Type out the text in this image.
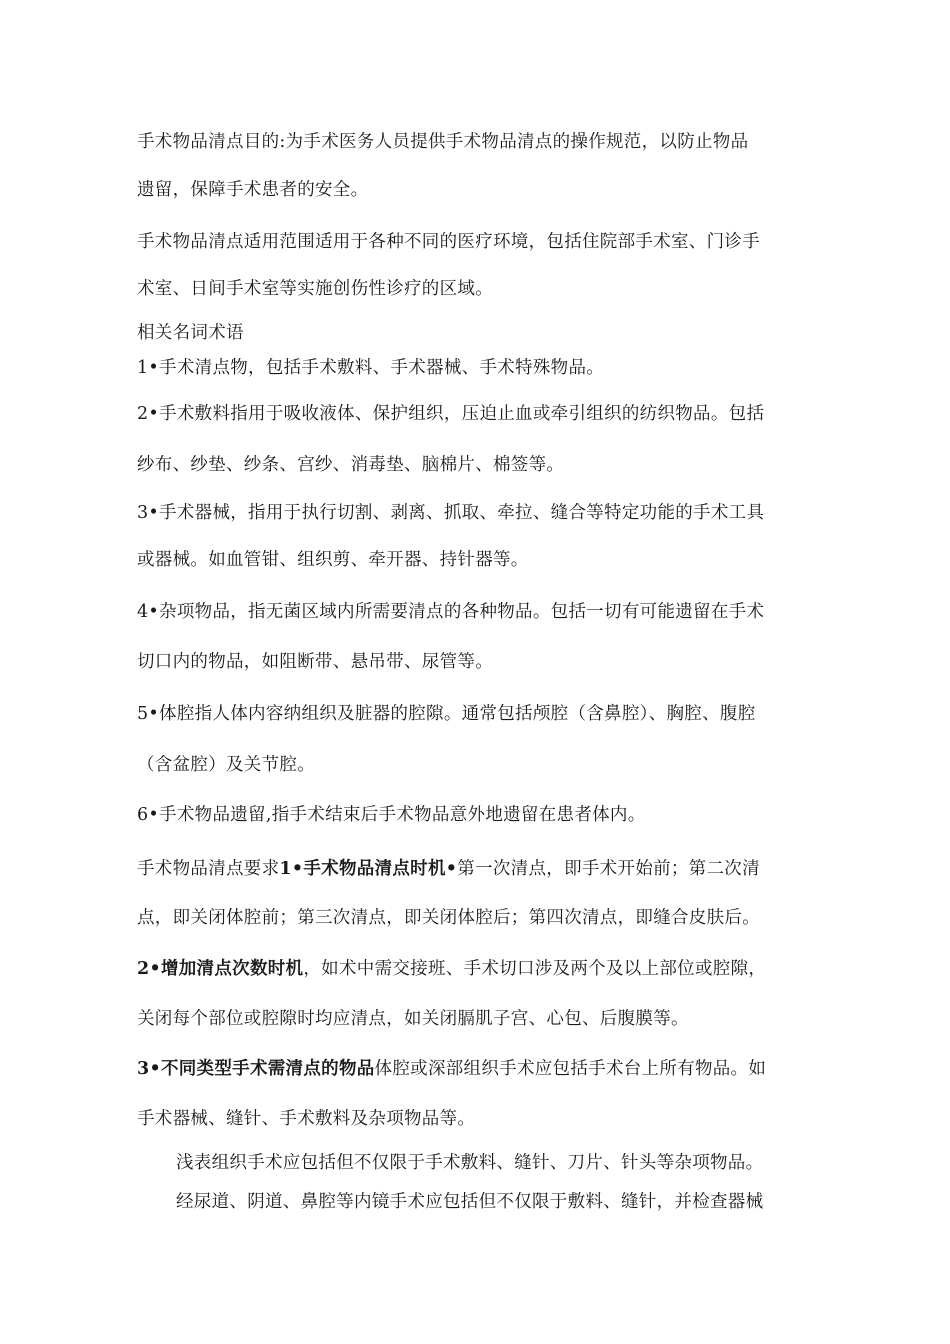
手术物品清点目的:为手术医务人员提供手术物品清点的操作规范，以防止物品

遗留，保障手术患者的安全。

手术物品清点适用范围适用于各种不同的医疗环境，包括住院部手术室、门诊手

术室、日间手术室等实施创伤性诊疗的区域。

相关名词术语

1•手术清点物，包括手术敷料、手术器械、手术特殊物品。

2•手术敷料指用于吸收液体、保护组织，压迫止血或牵引组织的纺织物品。包括

纱布、纱垫、纱条、宫纱、消毒垫、脑棉片、棉签等。

3•手术器械，指用于执行切割、剥离、抓取、牵拉、缝合等特定功能的手术工具

或器械。如血管钳、组织剪、牵开器、持针器等。

4•杂项物品，指无菌区域内所需要清点的各种物品。包括一切有可能遗留在手术

切口内的物品，如阻断带、悬吊带、尿管等。

5•体腔指人体内容纳组织及脏器的腔隙。通常包括颅腔（含鼻腔）、胸腔、腹腔

（含盆腔）及关节腔。

6•手术物品遗留,指手术结束后手术物品意外地遗留在患者体内。

手术物品清点要求1•手术物品清点时机•第一次清点，即手术开始前；第二次清

点，即关闭体腔前；第三次清点，即关闭体腔后；第四次清点，即缝合皮肤后。

2•增加清点次数时机，如术中需交接班、手术切口涉及两个及以上部位或腔隙，

关闭每个部位或腔隙时均应清点，如关闭膈肌子宫、心包、后腹膜等。

3•不同类型手术需清点的物品体腔或深部组织手术应包括手术台上所有物品。如

手术器械、缝针、手术敷料及杂项物品等。

浅表组织手术应包括但不仅限于手术敷料、缝针、刀片、针头等杂项物品。

经尿道、阴道、鼻腔等内镜手术应包括但不仅限于敷料、缝针，并检查器械
